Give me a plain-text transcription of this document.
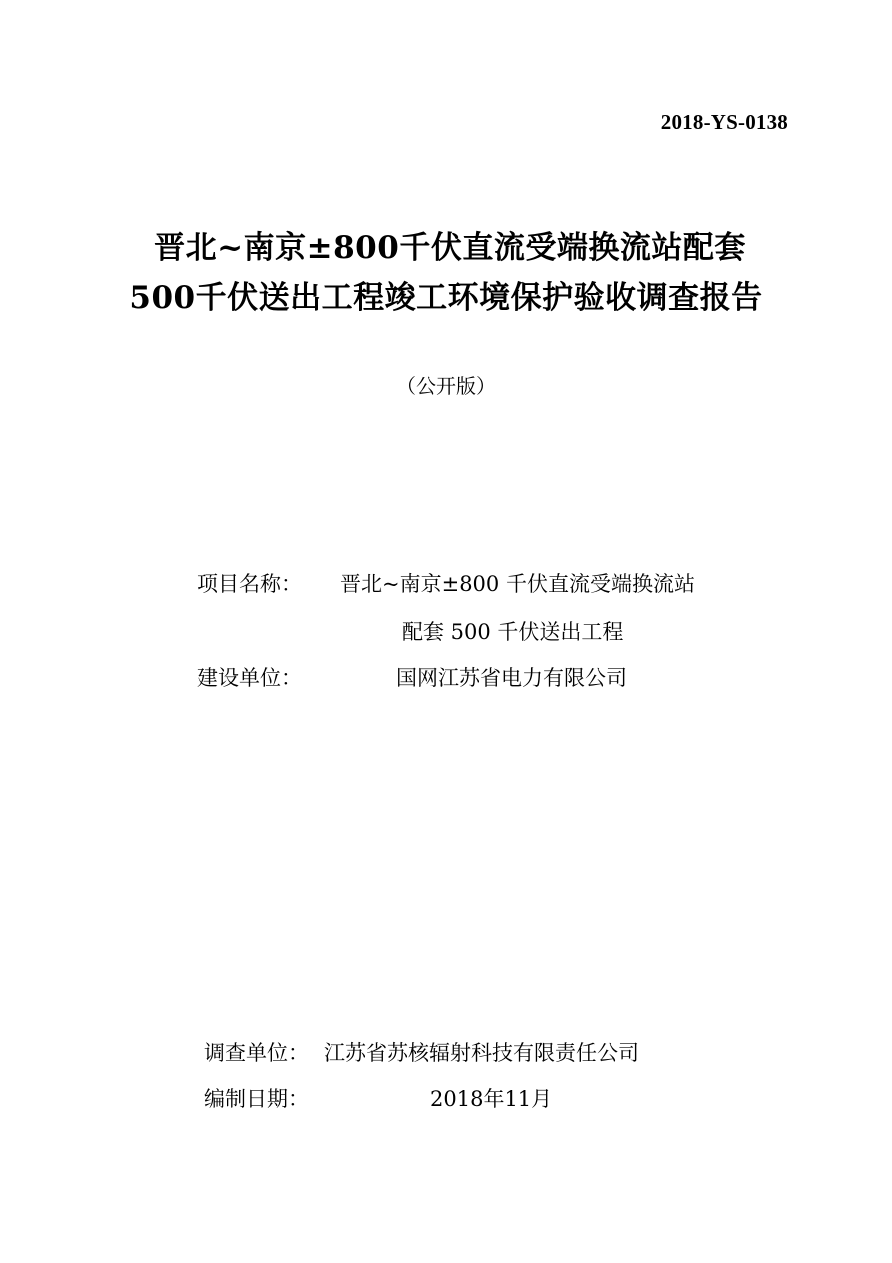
2018-YS-0138
晋北~南京±800千伏直流受端换流站配套
500千伏送出工程竣工环境保护验收调查报告
（公开版）
项目名称： 晋北~南京±800 千伏直流受端换流站
配套 500 千伏送出工程
建设单位：	国网江苏省电力有限公司
调查单位： 江苏省苏核辐射科技有限责任公司
编制日期：	2018年11月
